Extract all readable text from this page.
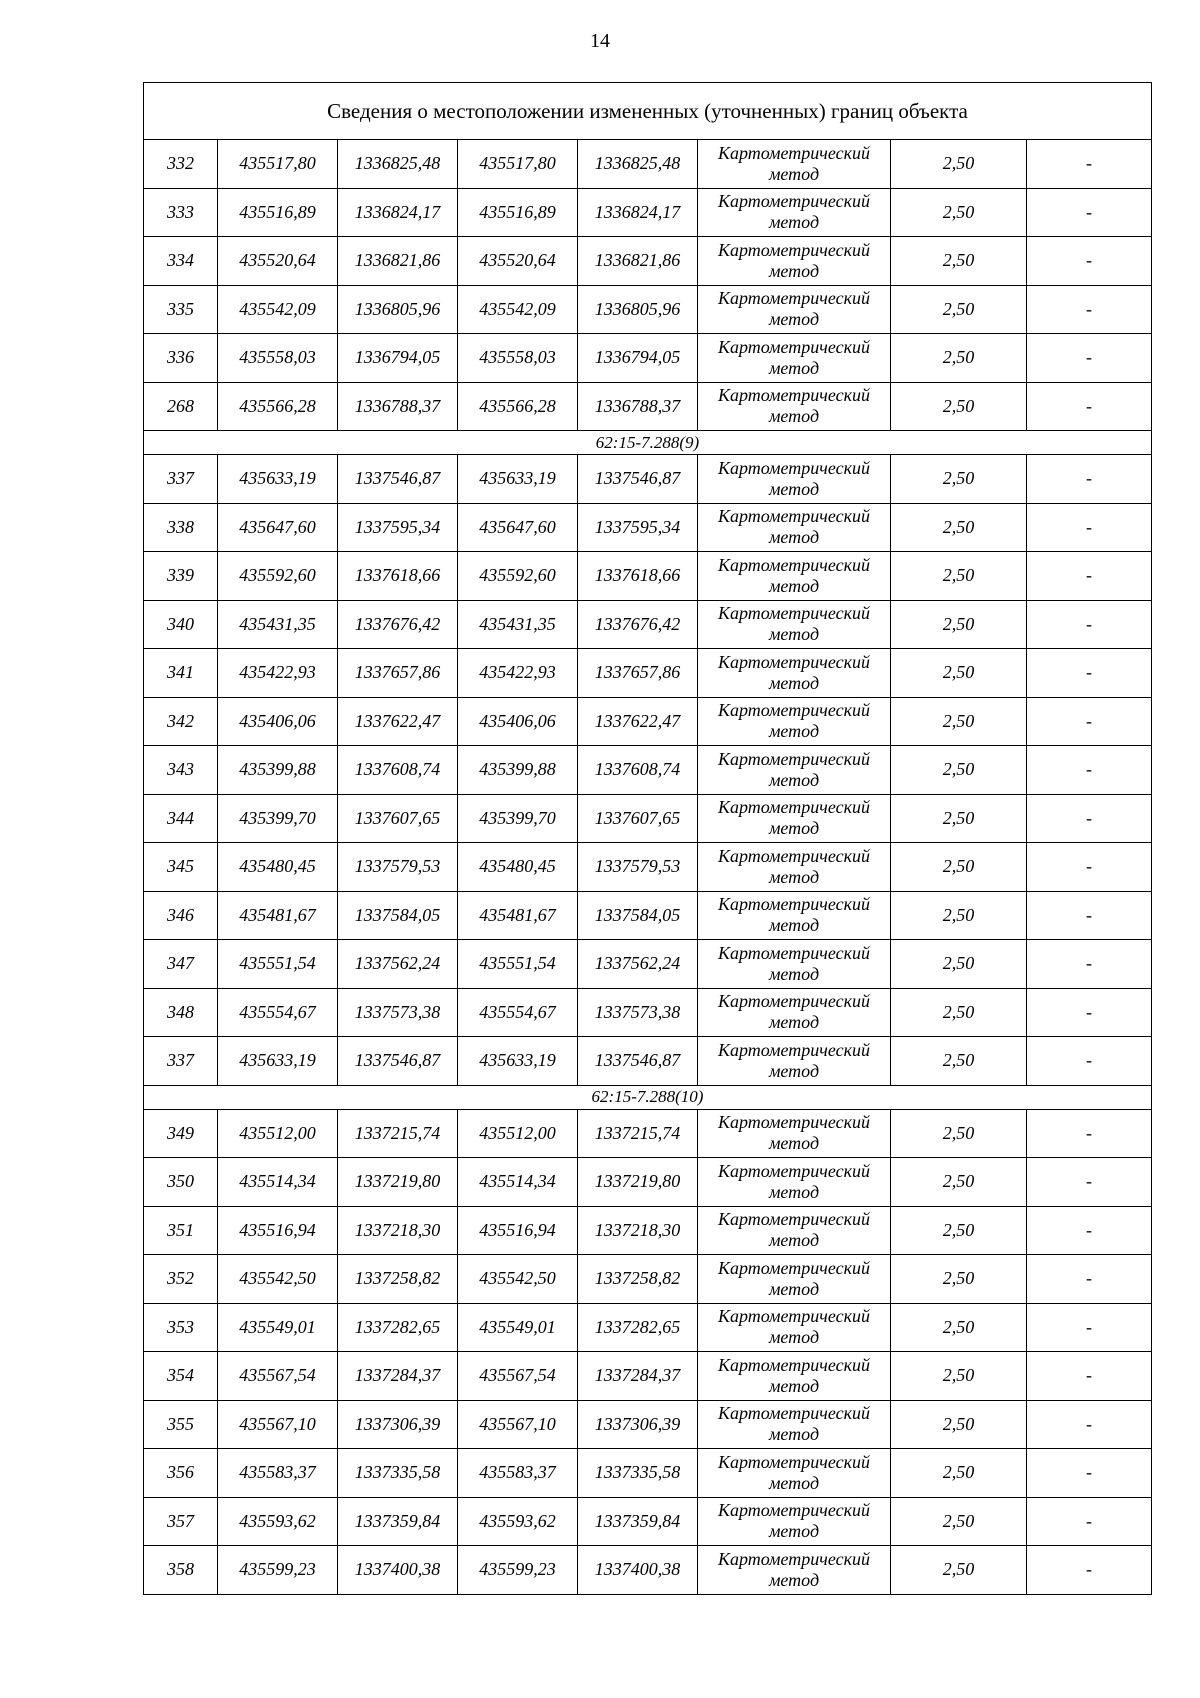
14
Сведения о местоположении измененных (уточненных) границ объекта							
332	435517,80	1336825,48	435517,80	1336825,48	Картометрический
метод	2,50	-
333	435516,89	1336824,17	435516,89	1336824,17	Картометрический
метод	2,50	-
334	435520,64	1336821,86	435520,64	1336821,86	Картометрический
метод	2,50	-
335	435542,09	1336805,96	435542,09	1336805,96	Картометрический
метод	2,50	-
336	435558,03	1336794,05	435558,03	1336794,05	Картометрический
метод	2,50	-
268	435566,28	1336788,37	435566,28	1336788,37	Картометрический
метод	2,50	-
62:15-7.288(9)							
337	435633,19	1337546,87	435633,19	1337546,87	Картометрический
метод	2,50	-
338	435647,60	1337595,34	435647,60	1337595,34	Картометрический
метод	2,50	-
339	435592,60	1337618,66	435592,60	1337618,66	Картометрический
метод	2,50	-
340	435431,35	1337676,42	435431,35	1337676,42	Картометрический
метод	2,50	-
341	435422,93	1337657,86	435422,93	1337657,86	Картометрический
метод	2,50	-
342	435406,06	1337622,47	435406,06	1337622,47	Картометрический
метод	2,50	-
343	435399,88	1337608,74	435399,88	1337608,74	Картометрический
метод	2,50	-
344	435399,70	1337607,65	435399,70	1337607,65	Картометрический
метод	2,50	-
345	435480,45	1337579,53	435480,45	1337579,53	Картометрический
метод	2,50	-
346	435481,67	1337584,05	435481,67	1337584,05	Картометрический
метод	2,50	-
347	435551,54	1337562,24	435551,54	1337562,24	Картометрический
метод	2,50	-
348	435554,67	1337573,38	435554,67	1337573,38	Картометрический
метод	2,50	-
337	435633,19	1337546,87	435633,19	1337546,87	Картометрический
метод	2,50	-
62:15-7.288(10)							
349	435512,00	1337215,74	435512,00	1337215,74	Картометрический
метод	2,50	-
350	435514,34	1337219,80	435514,34	1337219,80	Картометрический
метод	2,50	-
351	435516,94	1337218,30	435516,94	1337218,30	Картометрический
метод	2,50	-
352	435542,50	1337258,82	435542,50	1337258,82	Картометрический
метод	2,50	-
353	435549,01	1337282,65	435549,01	1337282,65	Картометрический
метод	2,50	-
354	435567,54	1337284,37	435567,54	1337284,37	Картометрический
метод	2,50	-
355	435567,10	1337306,39	435567,10	1337306,39	Картометрический
метод	2,50	-
356	435583,37	1337335,58	435583,37	1337335,58	Картометрический
метод	2,50	-
357	435593,62	1337359,84	435593,62	1337359,84	Картометрический
метод	2,50	-
358	435599,23	1337400,38	435599,23	1337400,38	Картометрический
метод	2,50	-
